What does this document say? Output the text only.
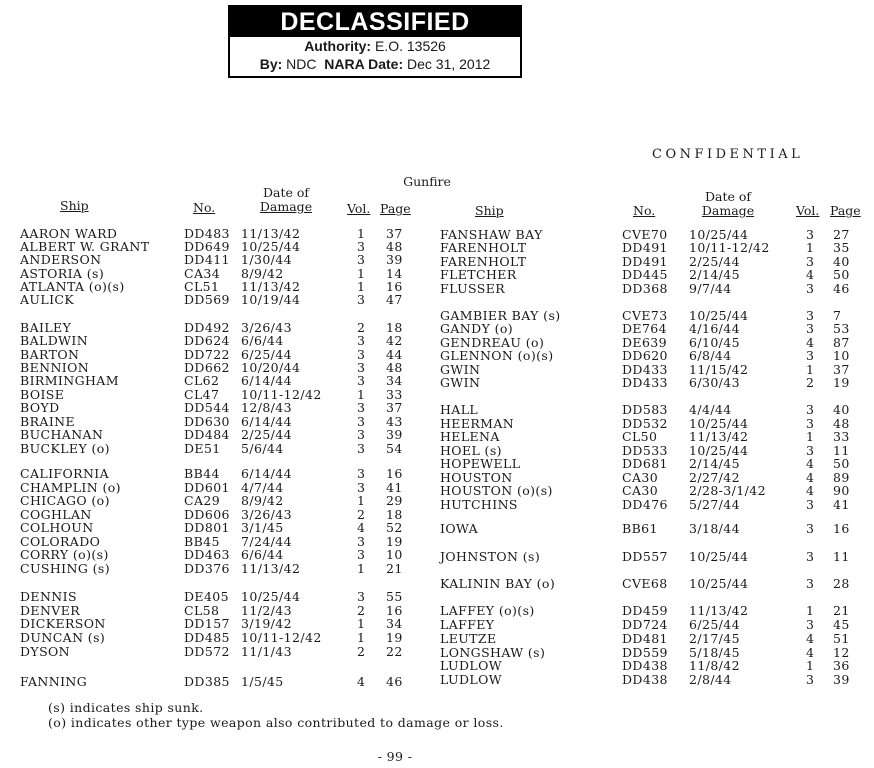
DECLASSIFIED
Authority: E.O. 13526
By: NDC NARA Date: Dec 31, 2012
CONFIDENTIAL
Gunfire
Ship	No.
Date of
Damage	Vol. Page	Ship	No.
Date of
Damage	Vol. Page
AARON WARD	DD483 11/13/42	1 37
ALBERT W. GRANT	DD649 10/25/44	3 48
ANDERSON	DD411 1/30/44	3 39
ASTORIA (s)	CA34 8/9/42	1 14
ATLANTA (o)(s)	CL51 11/13/42	1 16
AULICK	DD569 10/19/44	3 47
BAILEY	DD492 3/26/43	2 18
BALDWIN	DD624 6/6/44	3 42
BARTON	DD722 6/25/44	3 44
BENNION	DD662 10/20/44	3 48
BIRMINGHAM	CL62 6/14/44	3 34
BOISE	CL47 10/11-12/42	1 33
BOYD	DD544 12/8/43	3 37
BRAINE	DD630 6/14/44	3 43
BUCHANAN	DD484 2/25/44	3 39
BUCKLEY (o)	DE51 5/6/44	3 54
CALIFORNIA	BB44 6/14/44	3 16
CHAMPLIN (o)	DD601 4/7/44	3 41
CHICAGO (o)	CA29 8/9/42	1 29
COGHLAN	DD606 3/26/43	2 18
COLHOUN	DD801 3/1/45	4 52
COLORADO	BB45 7/24/44	3 19
CORRY (o)(s)	DD463 6/6/44	3 10
CUSHING (s)	DD376 11/13/42	1 21
DENNIS	DE405 10/25/44	3 55
DENVER	CL58 11/2/43	2 16
DICKERSON	DD157 3/19/42	1 34
DUNCAN (s)	DD485 10/11-12/42	1 19
DYSON	DD572 11/1/43	2 22
FANNING	DD385 1/5/45	4 46
FANSHAW BAY	CVE70 10/25/44	3 27
FARENHOLT	DD491 10/11-12/42	1 35
FARENHOLT	DD491 2/25/44	3 40
FLETCHER	DD445 2/14/45	4 50
FLUSSER	DD368 9/7/44	3 46
GAMBIER BAY (s)	CVE73 10/25/44	3 7
GANDY (o)	DE764 4/16/44	3 53
GENDREAU (o)	DE639 6/10/45	4 87
GLENNON (o)(s)	DD620 6/8/44	3 10
GWIN	DD433 11/15/42	1 37
GWIN	DD433 6/30/43	2 19
HALL	DD583 4/4/44	3 40
HEERMAN	DD532 10/25/44	3 48
HELENA	CL50	11/13/42	1 33
HOEL (s)	DD533 10/25/44	3 11
HOPEWELL	DD681 2/14/45	4 50
HOUSTON	CA30 2/27/42	4 89
HOUSTON (o)(s)	CA30 2/28-3/1/42	4 90
HUTCHINS	DD476 5/27/44	3 41
IOWA	BB61 3/18/44	3 16
JOHNSTON (s)	DD557 10/25/44	3 11
KALININ BAY (o)	CVE68 10/25/44	3 28
LAFFEY (o)(s)	DD459 11/13/42	1 21
LAFFEY	DD724 6/25/44	3 45
LEUTZE	DD481 2/17/45	4 51
LONGSHAW (s)	DD559 5/18/45	4 12
LUDLOW	DD438 11/8/42	1 36
LUDLOW	DD438 2/8/44	3 39
(s) indicates ship sunk.
(o) indicates other type weapon also contributed to damage or loss.
- 99 -
